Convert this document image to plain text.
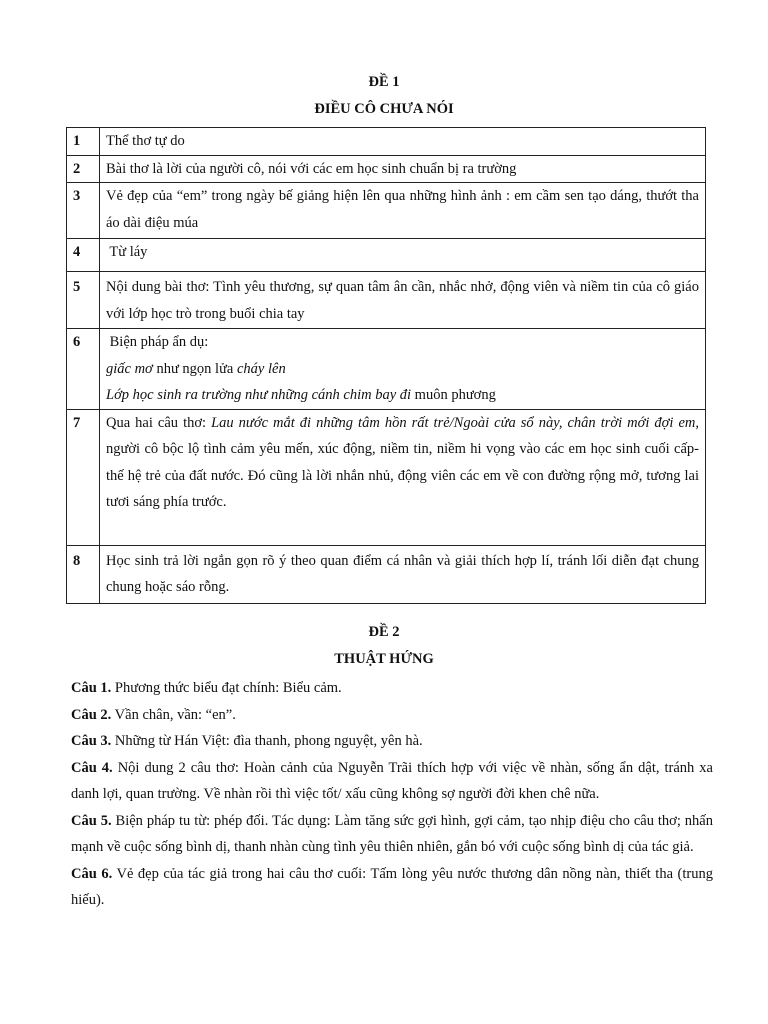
ĐỀ 1
ĐIỀU CÔ CHƯA NÓI
1	Thể thơ tự do
2	Bài thơ là lời của người cô, nói với các em học sinh chuẩn bị ra trường
3	Vẻ đẹp của “em” trong ngày bế giảng hiện lên qua những hình ảnh : em cầm sen tạo dáng, thướt tha áo dài điệu múa
4	Từ láy
5	Nội dung bài thơ: Tình yêu thương, sự quan tâm ân cần, nhắc nhở, động viên và niềm tin của cô giáo với lớp học trò trong buổi chia tay
6	Biện pháp ẩn dụ:
giấc mơ như ngọn lửa cháy lên
Lớp học sinh ra trường như những cánh chim bay đi muôn phương

7	Qua hai câu thơ: Lau nước mắt đi những tâm hồn rất trẻ/Ngoài cửa sổ này, chân trời mới đợi em, người cô bộc lộ tình cảm yêu mến, xúc động, niềm tin, niềm hi vọng vào các em học sinh cuối cấp- thế hệ trẻ của đất nước. Đó cũng là lời nhắn nhủ, động viên các em về con đường rộng mở, tương lai tươi sáng phía trước.
8	Học sinh trả lời ngắn gọn rõ ý theo quan điểm cá nhân và giải thích hợp lí, tránh lối diễn đạt chung chung hoặc sáo rỗng.
ĐỀ 2
THUẬT HỨNG

Câu 1. Phương thức biểu đạt chính: Biểu cảm.

Câu 2. Vần chân, vần: “en”.

Câu 3. Những từ Hán Việt: đìa thanh, phong nguyệt, yên hà.

Câu 4. Nội dung 2 câu thơ: Hoàn cảnh của Nguyễn Trãi thích hợp với việc về nhàn, sống ẩn dật, tránh xa danh lợi, quan trường. Về nhàn rồi thì việc tốt/ xấu cũng không sợ người đời khen chê nữa.

Câu 5. Biện pháp tu từ: phép đối. Tác dụng: Làm tăng sức gợi hình, gợi cảm, tạo nhịp điệu cho câu thơ; nhấn mạnh về cuộc sống bình dị, thanh nhàn cùng tình yêu thiên nhiên, gắn bó với cuộc sống bình dị của tác giả.

Câu 6. Vẻ đẹp của tác giả trong hai câu thơ cuối: Tấm lòng yêu nước thương dân nồng nàn, thiết tha (trung hiếu).
